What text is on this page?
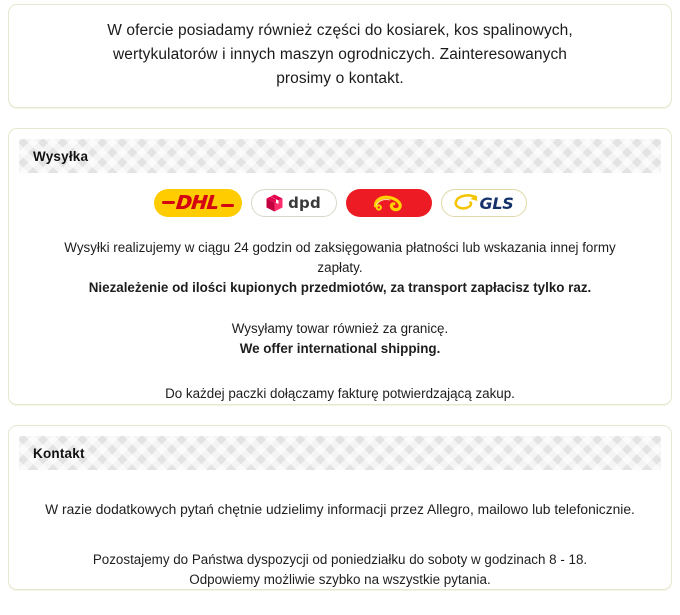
W ofercie posiadamy również części do kosiarek, kos spalinowych,
wertykulatorów i innych maszyn ogrodniczych. Zainteresowanych
prosimy o kontakt.
Wysyłka
DHL	dpd	GLS
Wysyłki realizujemy w ciągu 24 godzin od zaksięgowania płatności lub wskazania innej formy
zapłaty.
Niezależenie od ilości kupionych przedmiotów, za transport zapłacisz tylko raz.
Wysyłamy towar również za granicę.
We offer international shipping.
Do każdej paczki dołączamy fakturę potwierdzającą zakup.
Kontakt
W razie dodatkowych pytań chętnie udzielimy informacji przez Allegro, mailowo lub telefonicznie.
Pozostajemy do Państwa dyspozycji od poniedziałku do soboty w godzinach 8 - 18.
Odpowiemy możliwie szybko na wszystkie pytania.
